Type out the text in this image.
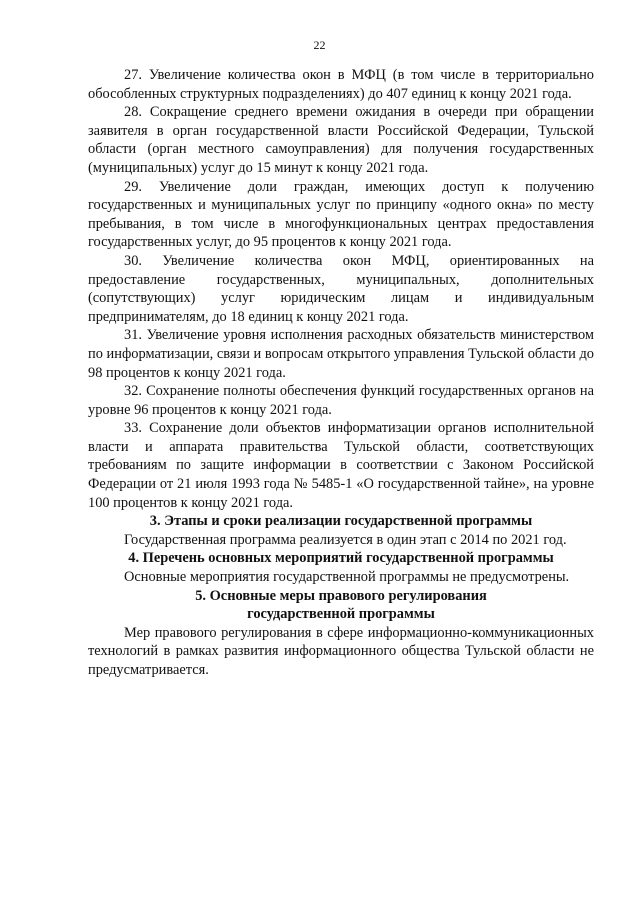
22

27. Увеличение количества окон в МФЦ (в том числе в территориально обособленных структурных подразделениях) до 407 единиц к концу 2021 года.

28. Сокращение среднего времени ожидания в очереди при обращении заявителя в орган государственной власти Российской Федерации, Тульской области (орган местного самоуправления) для получения государственных (муниципальных) услуг до 15 минут к концу 2021 года.

29. Увеличение доли граждан, имеющих доступ к получению государственных и муниципальных услуг по принципу «одного окна» по месту пребывания, в том числе в многофункциональных центрах предоставления государственных услуг, до 95 процентов к концу 2021 года.

30. Увеличение количества окон МФЦ, ориентированных на предоставление государственных, муниципальных, дополнительных (сопутствующих) услуг юридическим лицам и индивидуальным предпринимателям, до 18 единиц к концу 2021 года.

31. Увеличение уровня исполнения расходных обязательств министерством по информатизации, связи и вопросам открытого управления Тульской области до 98 процентов к концу 2021 года.

32. Сохранение полноты обеспечения функций государственных органов на уровне 96 процентов к концу 2021 года.

33. Сохранение доли объектов информатизации органов исполнительной власти и аппарата правительства Тульской области, соответствующих требованиям по защите информации в соответствии с Законом Российской Федерации от 21 июля 1993 года № 5485-1 «О государственной тайне», на уровне 100 процентов к концу 2021 года.

3. Этапы и сроки реализации государственной программы

Государственная программа реализуется в один этап с 2014 по 2021 год.

4. Перечень основных мероприятий государственной программы

Основные мероприятия государственной программы не предусмотрены.

5. Основные меры правового регулирования
государственной программы

Мер правового регулирования в сфере информационно-коммуникационных технологий в рамках развития информационного общества Тульской области не предусматривается.
